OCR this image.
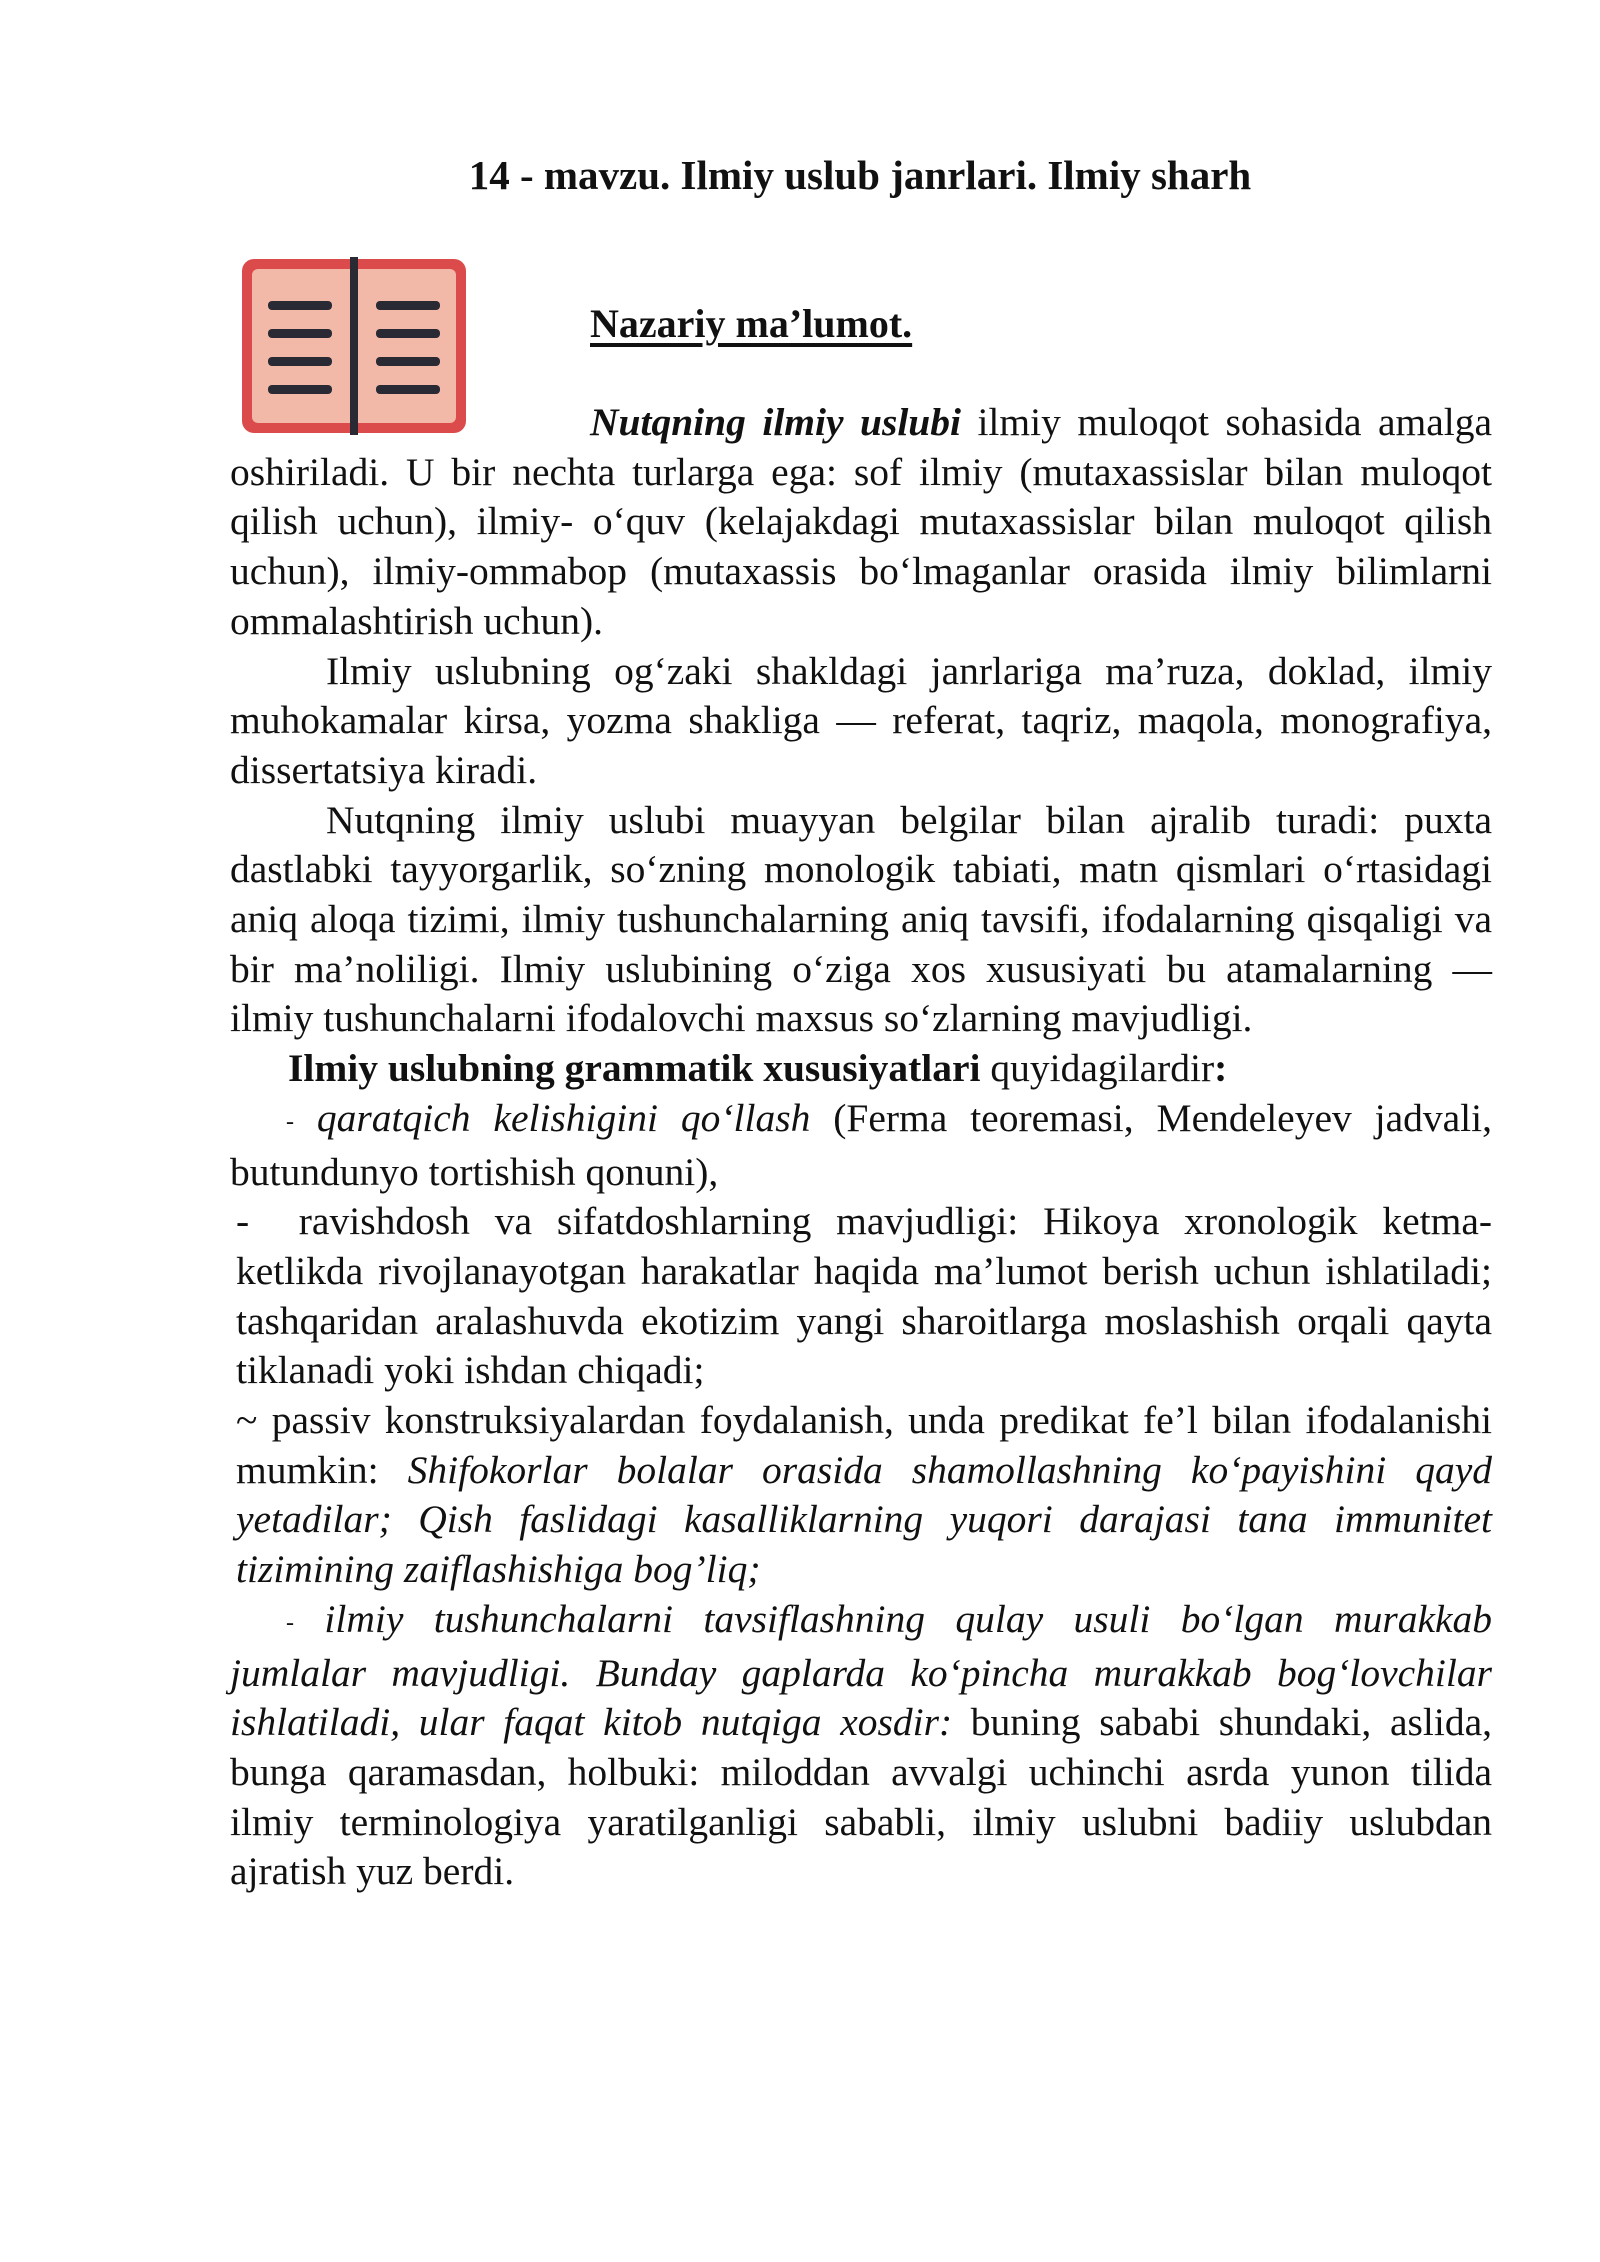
14 - mavzu. Ilmiy uslub janrlari. Ilmiy sharh
Nazariy ma’lumot.

Nutqning ilmiy uslubi ilmiy muloqot sohasida amalga oshiriladi. U bir nechta turlarga ega: sof ilmiy (mutaxassislar bilan muloqot qilish uchun), ilmiy- o‘quv (kelajakdagi mutaxassislar bilan muloqot qilish uchun), ilmiy-ommabop (mutaxassis bo‘lmaganlar orasida ilmiy bilimlarni ommalashtirish uchun).

Ilmiy uslubning og‘zaki shakldagi janrlariga ma’ruza, doklad, ilmiy muhokamalar kirsa, yozma shakliga — referat, taqriz, maqola, monografiya, dissertatsiya kiradi.

Nutqning ilmiy uslubi muayyan belgilar bilan ajralib turadi: puxta dastlabki tayyorgarlik, so‘zning monologik tabiati, matn qismlari o‘rtasidagi aniq aloqa tizimi, ilmiy tushunchalarning aniq tavsifi, ifodalarning qisqaligi va bir ma’noliligi. Ilmiy uslubining o‘ziga xos xususiyati bu atamalarning — ilmiy tushunchalarni ifodalovchi maxsus so‘zlarning mavjudligi.

Ilmiy uslubning grammatik xususiyatlari quyidagilardir:

- qaratqich kelishigini qo‘llash (Ferma teoremasi, Mendeleyev jadvali, butundunyo tortishish qonuni),

- ravishdosh va sifatdoshlarning mavjudligi: Hikoya xronologik ketma-ketlikda rivojlanayotgan harakatlar haqida ma’lumot berish uchun ishlatiladi; tashqaridan aralashuvda ekotizim yangi sharoitlarga moslashish orqali qayta tiklanadi yoki ishdan chiqadi;

~ passiv konstruksiyalardan foydalanish, unda predikat fe’l bilan ifodalanishi mumkin: Shifokorlar bolalar orasida shamollashning ko‘payishini qayd yetadilar; Qish faslidagi kasalliklarning yuqori darajasi tana immunitet tizimining zaiflashishiga bog’liq;

- ilmiy tushunchalarni tavsiflashning qulay usuli bo‘lgan murakkab jumlalar mavjudligi. Bunday gaplarda ko‘pincha murakkab bog‘lovchilar ishlatiladi, ular faqat kitob nutqiga xosdir: buning sababi shundaki, aslida, bunga qaramasdan, holbuki: miloddan avvalgi uchinchi asrda yunon tilida ilmiy terminologiya yaratilganligi sababli, ilmiy uslubni badiiy uslubdan ajratish yuz berdi.
